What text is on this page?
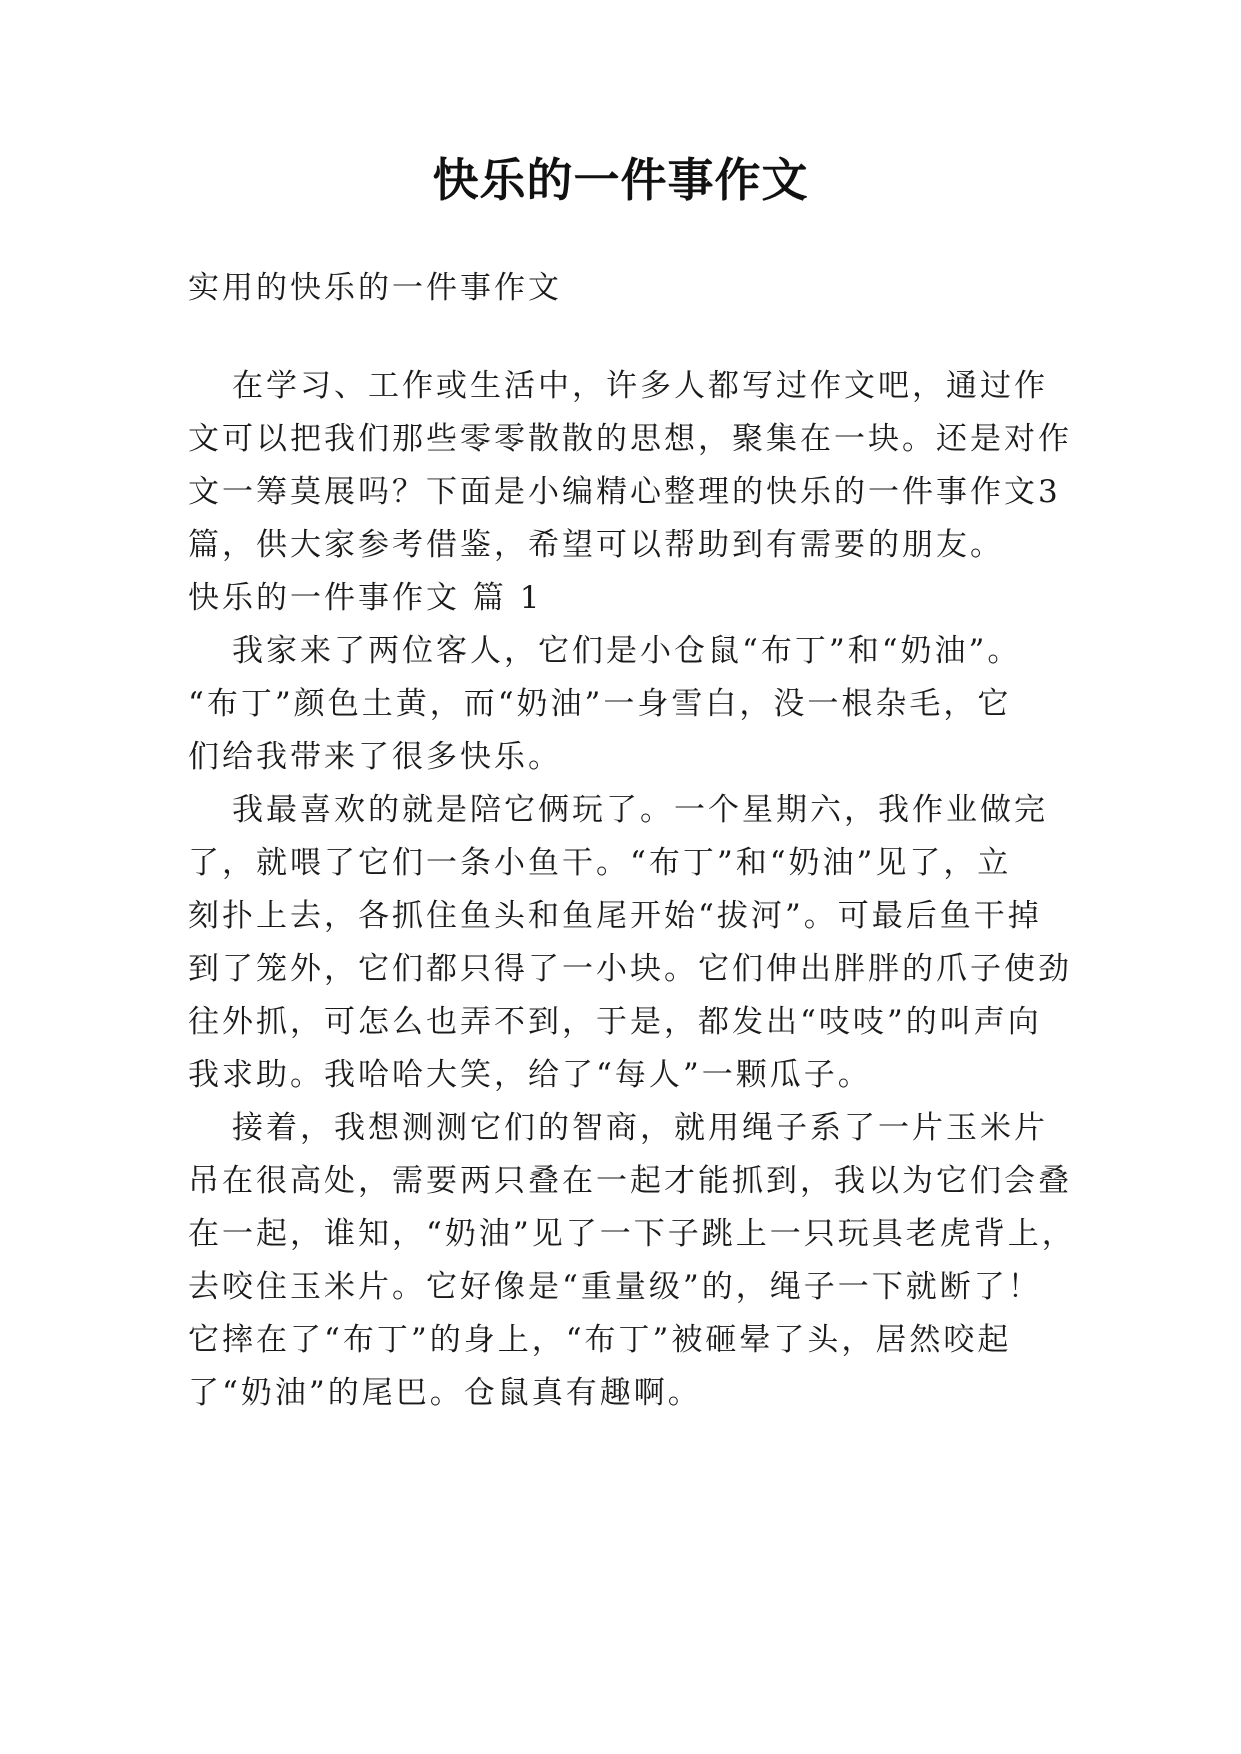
快乐的一件事作文
实用的快乐的一件事作文
在学习、工作或生活中，许多人都写过作文吧，通过作
文可以把我们那些零零散散的思想，聚集在一块。还是对作
文一筹莫展吗？下面是小编精心整理的快乐的一件事作文3
篇，供大家参考借鉴，希望可以帮助到有需要的朋友。
快乐的一件事作文 篇 1
我家来了两位客人，它们是小仓鼠“布丁”和“奶油”。
“布丁”颜色土黄，而“奶油”一身雪白，没一根杂毛，它
们给我带来了很多快乐。
我最喜欢的就是陪它俩玩了。一个星期六，我作业做完
了，就喂了它们一条小鱼干。“布丁”和“奶油”见了，立
刻扑上去，各抓住鱼头和鱼尾开始“拔河”。可最后鱼干掉
到了笼外，它们都只得了一小块。它们伸出胖胖的爪子使劲
往外抓，可怎么也弄不到，于是，都发出“吱吱”的叫声向
我求助。我哈哈大笑，给了“每人”一颗瓜子。
接着，我想测测它们的智商，就用绳子系了一片玉米片
吊在很高处，需要两只叠在一起才能抓到，我以为它们会叠
在一起，谁知，“奶油”见了一下子跳上一只玩具老虎背上，
去咬住玉米片。它好像是“重量级”的，绳子一下就断了！
它摔在了“布丁”的身上，“布丁”被砸晕了头，居然咬起
了“奶油”的尾巴。仓鼠真有趣啊。
